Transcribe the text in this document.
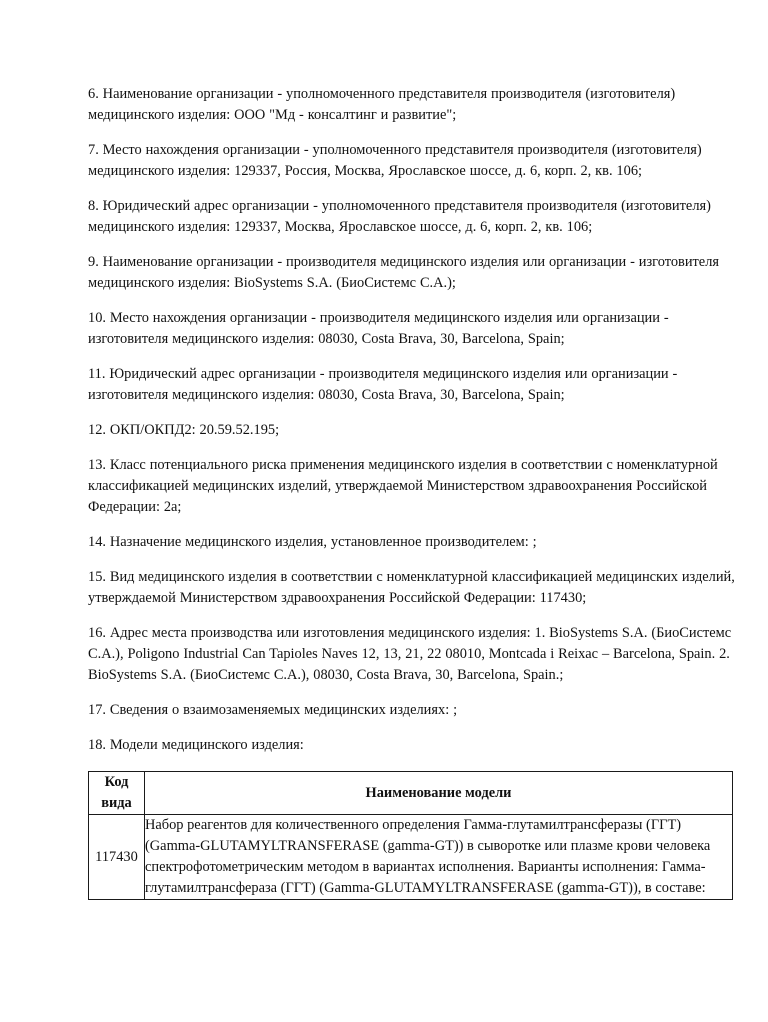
6. Наименование организации - уполномоченного представителя производителя (изготовителя) медицинского изделия: ООО "Мд - консалтинг и развитие";

7. Место нахождения организации - уполномоченного представителя производителя (изготовителя) медицинского изделия: 129337, Россия, Москва, Ярославское шоссе, д. 6, корп. 2, кв. 106;

8. Юридический адрес организации - уполномоченного представителя производителя (изготовителя) медицинского изделия: 129337, Москва, Ярославское шоссе, д. 6, корп. 2, кв. 106;

9. Наименование организации - производителя медицинского изделия или организации - изготовителя медицинского изделия: BioSystems S.A. (БиоСистемс С.А.);

10. Место нахождения организации - производителя медицинского изделия или организации - изготовителя медицинского изделия: 08030, Costa Brava, 30, Barcelona, Spain;

11. Юридический адрес организации - производителя медицинского изделия или организации - изготовителя медицинского изделия: 08030, Costa Brava, 30, Barcelona, Spain;

12. ОКП/ОКПД2: 20.59.52.195;

13. Класс потенциального риска применения медицинского изделия в соответствии с номенклатурной классификацией медицинских изделий, утверждаемой Министерством здравоохранения Российской Федерации: 2а;

14. Назначение медицинского изделия, установленное производителем: ;

15. Вид медицинского изделия в соответствии с номенклатурной классификацией медицинских изделий, утверждаемой Министерством здравоохранения Российской Федерации: 117430;

16. Адрес места производства или изготовления медицинского изделия: 1. BioSystems S.A. (БиоСистемс С.А.), Poligono Industrial Can Tapioles Naves 12, 13, 21, 22 08010, Montcada i Reixac – Barcelona, Spain. 2. BioSystems S.A. (БиоСистемс С.А.), 08030, Costa Brava, 30, Barcelona, Spain.;

17. Сведения о взаимозаменяемых медицинских изделиях: ;

18. Модели медицинского изделия:

Код
вида	Наименование модели
117430	Набор реагентов для количественного определения Гамма-глутамилтрансферазы (ГГТ) (Gamma-GLUTAMYLTRANSFERASE (gamma-GT)) в сыворотке или плазме крови человека спектрофотометрическим методом в вариантах исполнения. Варианты исполнения: Гамма-глутамилтрансфераза (ГГТ) (Gamma-GLUTAMYLTRANSFERASE (gamma-GT)), в составе:
